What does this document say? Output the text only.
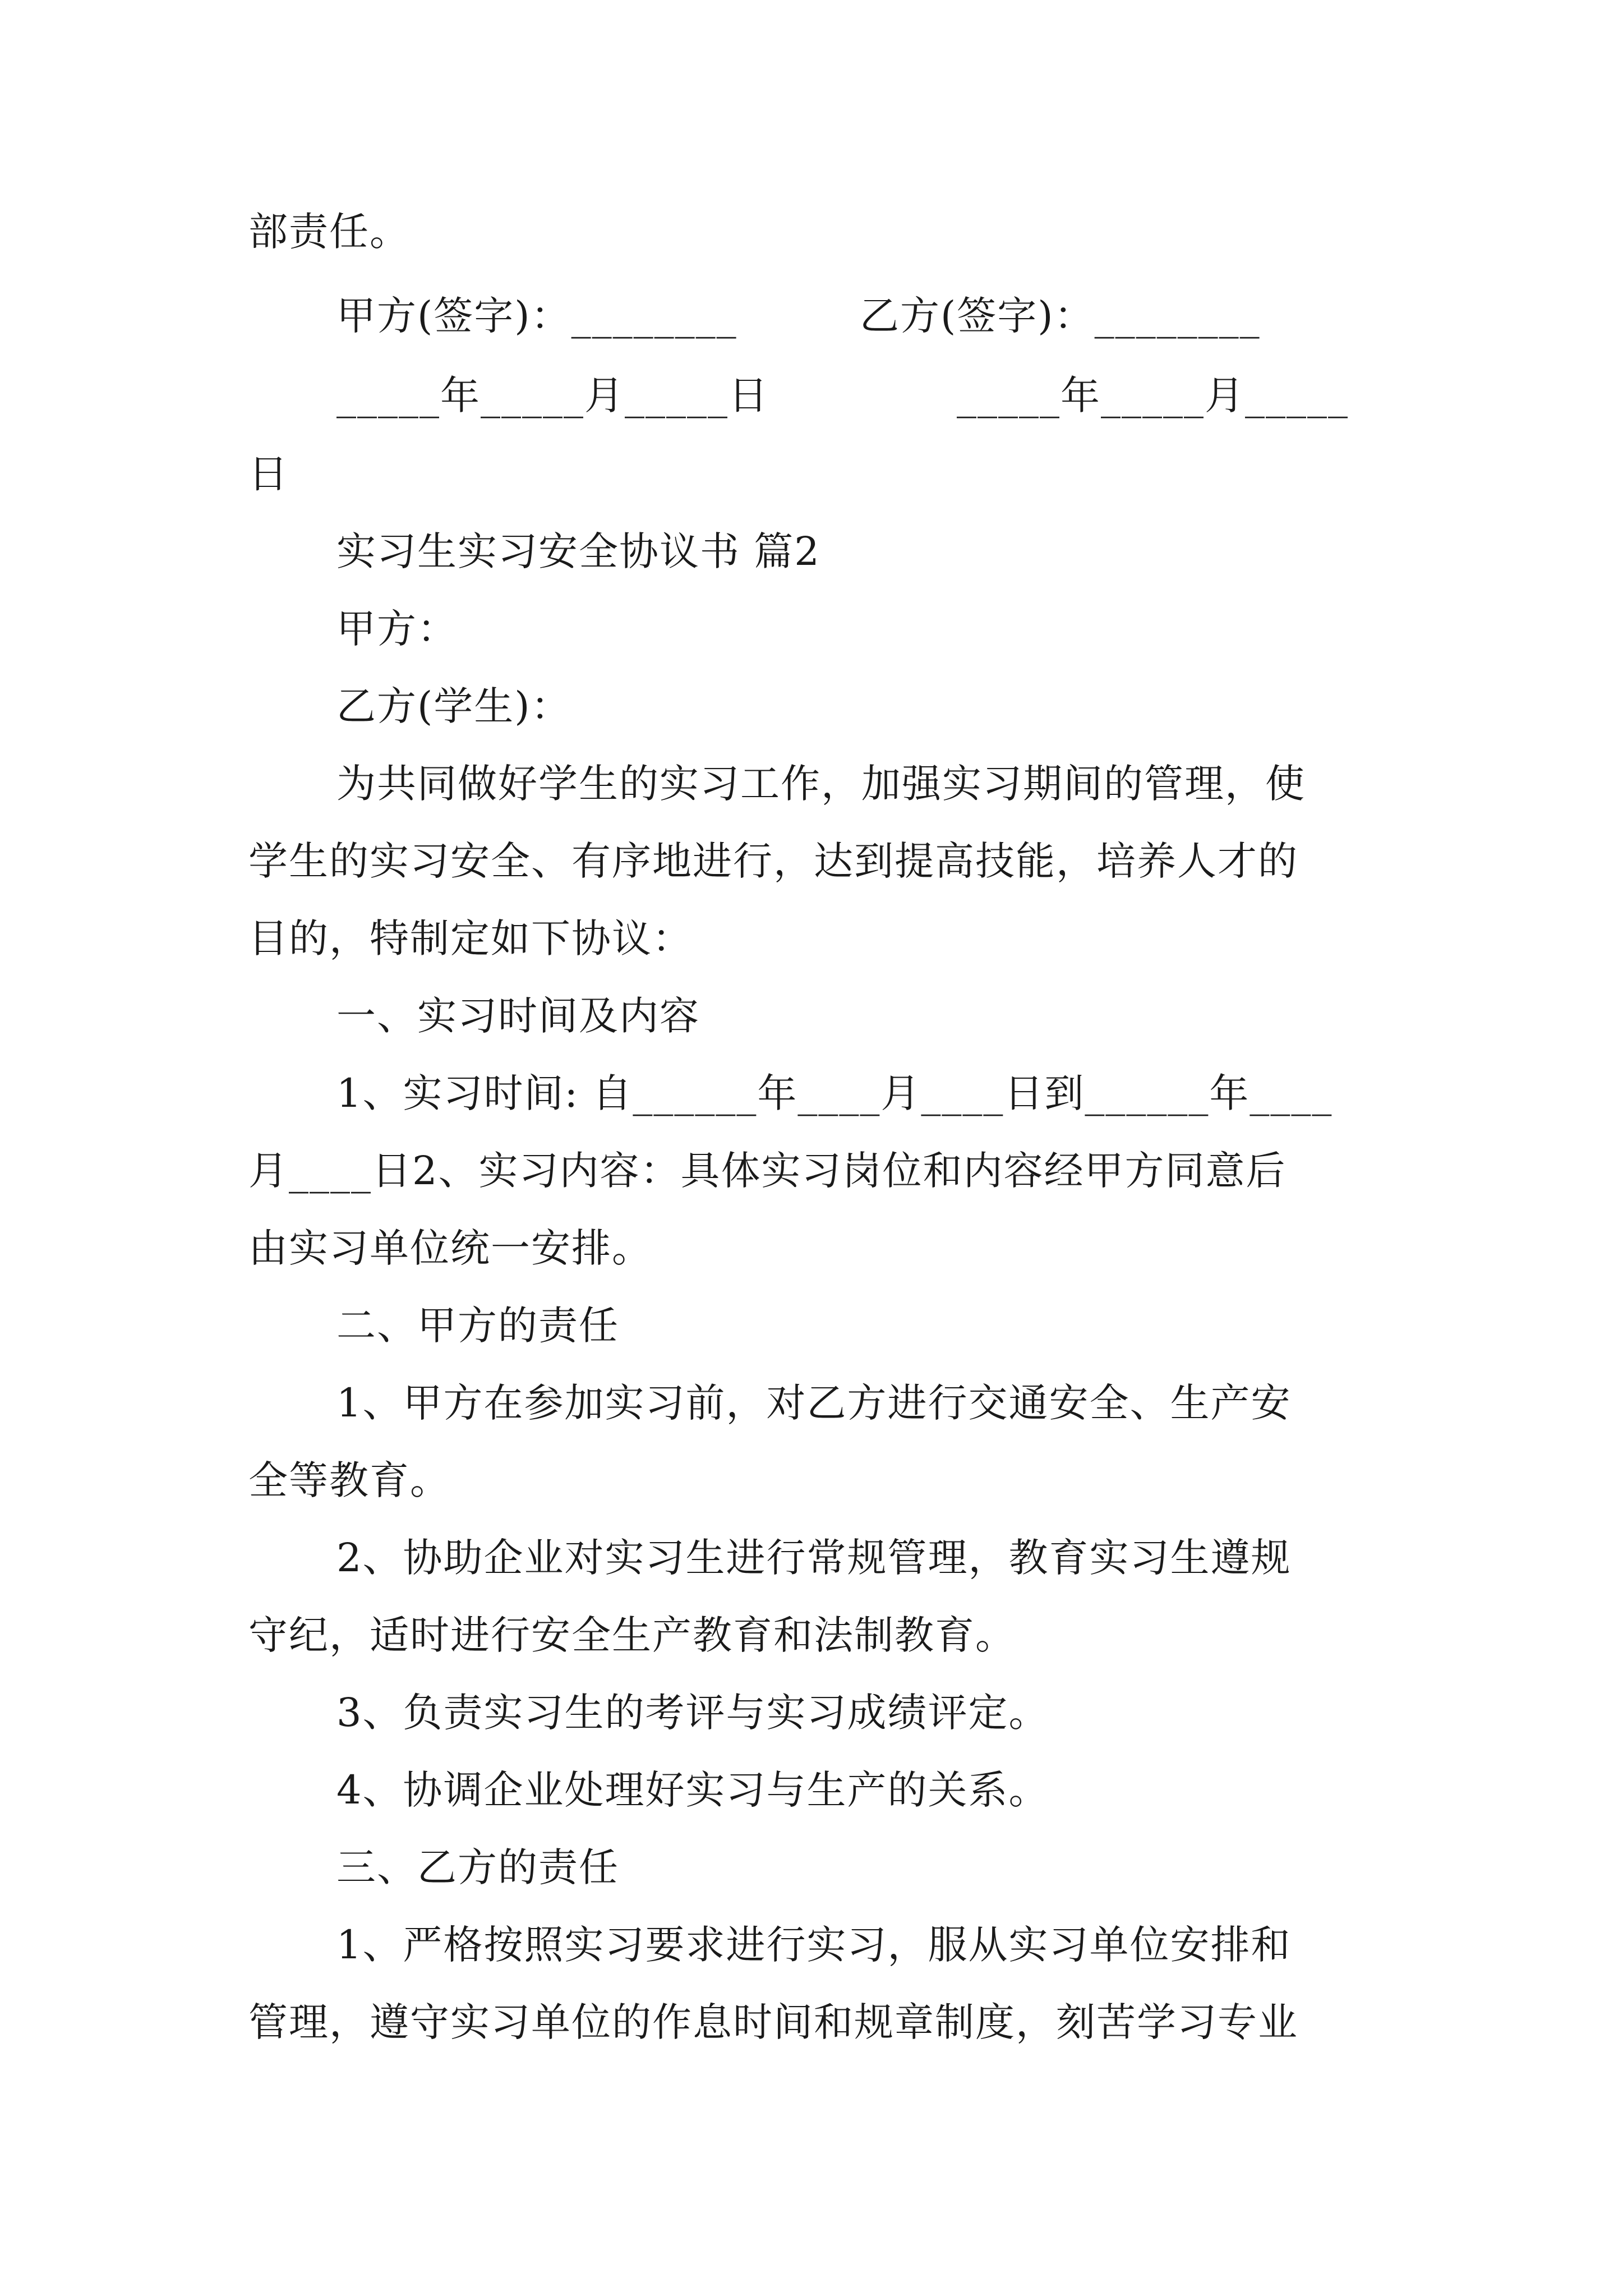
部责任。
甲方(签字)：________	乙方(签字)：________
_____年_____月_____日	_____年_____月_____
日
实习生实习安全协议书 篇2
甲方：
乙方(学生)：
为共同做好学生的实习工作，加强实习期间的管理，使
学生的实习安全、有序地进行，达到提高技能，培养人才的
目的，特制定如下协议：
一、实习时间及内容
1、实习时间: 自______年____月____日到______年____
月____日2、实习内容：具体实习岗位和内容经甲方同意后
由实习单位统一安排。
二、甲方的责任
1、甲方在参加实习前，对乙方进行交通安全、生产安
全等教育。
2、协助企业对实习生进行常规管理，教育实习生遵规
守纪，适时进行安全生产教育和法制教育。
3、负责实习生的考评与实习成绩评定。
4、协调企业处理好实习与生产的关系。
三、乙方的责任
1、严格按照实习要求进行实习，服从实习单位安排和
管理，遵守实习单位的作息时间和规章制度，刻苦学习专业
